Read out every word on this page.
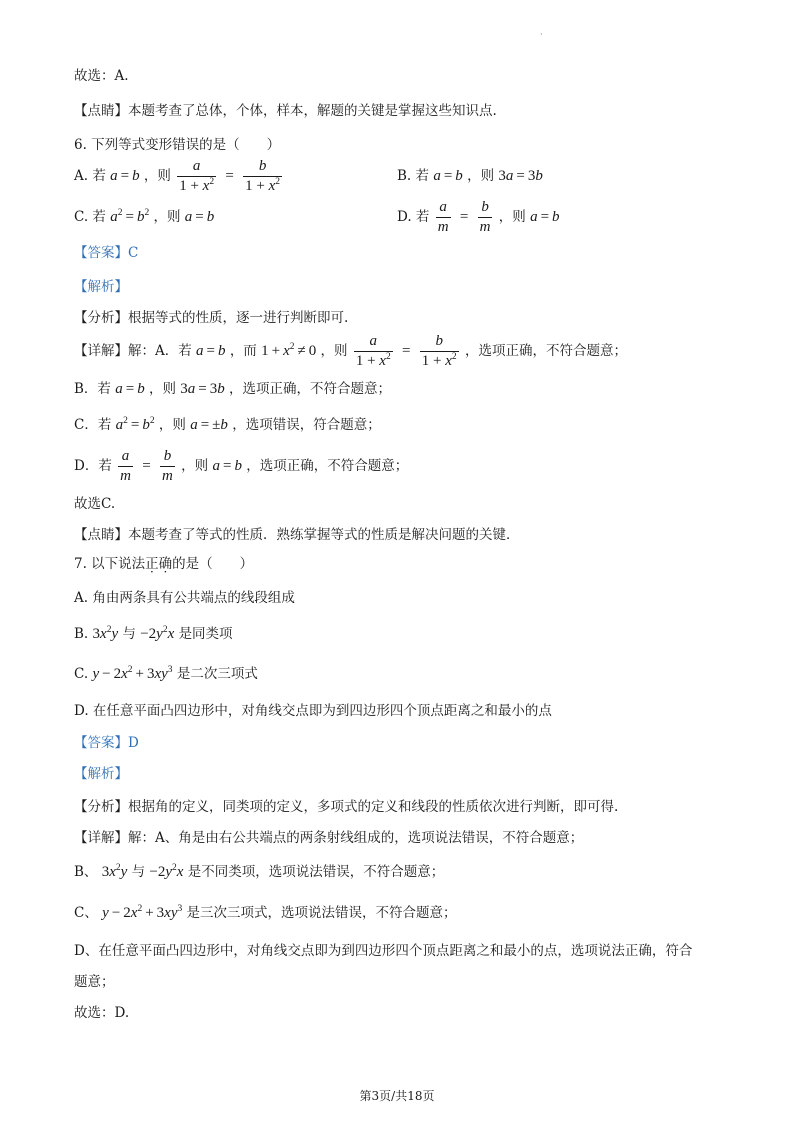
·
故选：A.
【点睛】本题考查了总体，个体，样本，解题的关键是掌握这些知识点.
6. 下列等式变形错误的是（　　）
A. 若 a = b ，则 $\frac{a}{1 + x^2} = \frac{b}{1 + x^2}$	B. 若 a = b ，则 3a = 3b
C. 若 $a^2 = b^2$ ，则 a = b	D. 若 $\frac{a}{m} = \frac{b}{m}$ ，则 a = b
【答案】C
【解析】
【分析】根据等式的性质，逐一进行判断即可.
【详解】解：A．若 a = b ，而 $1 + x^2 \ne 0$ ，则 $\frac{a}{1 + x^2} = \frac{b}{1 + x^2}$ ，选项正确，不符合题意；
B．若 a = b ，则 3a = 3b ，选项正确，不符合题意；
C．若 $a^2 = b^2$ ，则 a = ±b ，选项错误，符合题意；
D．若 $\frac{a}{m} = \frac{b}{m}$ ，则 a = b ，选项正确，不符合题意；
故选C.
【点睛】本题考查了等式的性质．熟练掌握等式的性质是解决问题的关键．
7. 以下说法正确的是（　　）
A. 角由两条具有公共端点的线段组成
B. $3x^2y$ 与 $-2y^2x$ 是同类项
C. $y - 2x^2 + 3xy^3$ 是二次三项式
D. 在任意平面凸四边形中，对角线交点即为到四边形四个顶点距离之和最小的点
【答案】D
【解析】
【分析】根据角的定义，同类项的定义，多项式的定义和线段的性质依次进行判断，即可得.
【详解】解：A、角是由右公共端点的两条射线组成的，选项说法错误，不符合题意；
B、 $3x^2y$ 与 $-2y^2x$ 是不同类项，选项说法错误，不符合题意；
C、 $y - 2x^2 + 3xy^3$ 是三次三项式，选项说法错误，不符合题意；
D、在任意平面凸四边形中，对角线交点即为到四边形四个顶点距离之和最小的点，选项说法正确，符合
题意；
故选：D.
第3页/共18页
